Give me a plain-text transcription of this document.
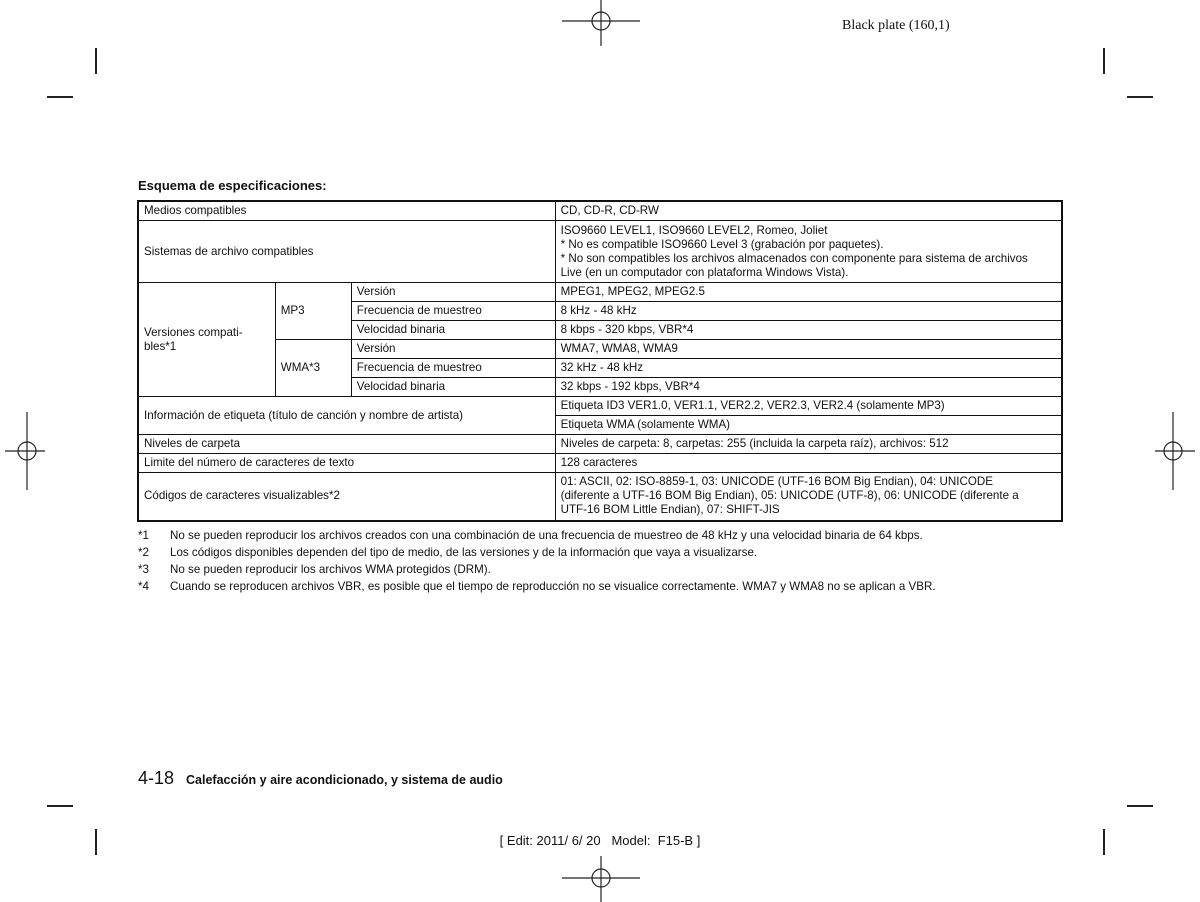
Black plate (160,1)
Esquema de especificaciones:
Medios compatibles			CD, CD-R, CD-RW
Sistemas de archivo compatibles			ISO9660 LEVEL1, ISO9660 LEVEL2, Romeo, Joliet
* No es compatible ISO9660 Level 3 (grabación por paquetes).
* No son compatibles los archivos almacenados con componente para sistema de archivos
Live (en un computador con plataforma Windows Vista).

Versiones compati-
bles*1	MP3	Versión	MPEG1, MPEG2, MPEG2.5
		Frecuencia de muestreo	8 kHz - 48 kHz
		Velocidad binaria	8 kbps - 320 kbps, VBR*4
	WMA*3	Versión	WMA7, WMA8, WMA9
		Frecuencia de muestreo	32 kHz - 48 kHz
		Velocidad binaria	32 kbps - 192 kbps, VBR*4
Información de etiqueta (título de canción y nombre de artista)			Etiqueta ID3 VER1.0, VER1.1, VER2.2, VER2.3, VER2.4 (solamente MP3)
			Etiqueta WMA (solamente WMA)
Niveles de carpeta			Niveles de carpeta: 8, carpetas: 255 (incluida la carpeta raíz), archivos: 512
Limite del número de caracteres de texto			128 caracteres
Códigos de caracteres visualizables*2			01: ASCII, 02: ISO-8859-1, 03: UNICODE (UTF-16 BOM Big Endian), 04: UNICODE
(diferente a UTF-16 BOM Big Endian), 05: UNICODE (UTF-8), 06: UNICODE (diferente a
UTF-16 BOM Little Endian), 07: SHIFT-JIS
*1	No se pueden reproducir los archivos creados con una combinación de una frecuencia de muestreo de 48 kHz y una velocidad binaria de 64 kbps.
*2	Los códigos disponibles dependen del tipo de medio, de las versiones y de la información que vaya a visualizarse.
*3	No se pueden reproducir los archivos WMA protegidos (DRM).
*4	Cuando se reproducen archivos VBR, es posible que el tiempo de reproducción no se visualice correctamente. WMA7 y WMA8 no se aplican a VBR.
4-18 Calefacción y aire acondicionado, y sistema de audio
[ Edit: 2011/ 6/ 20   Model:  F15-B ]
